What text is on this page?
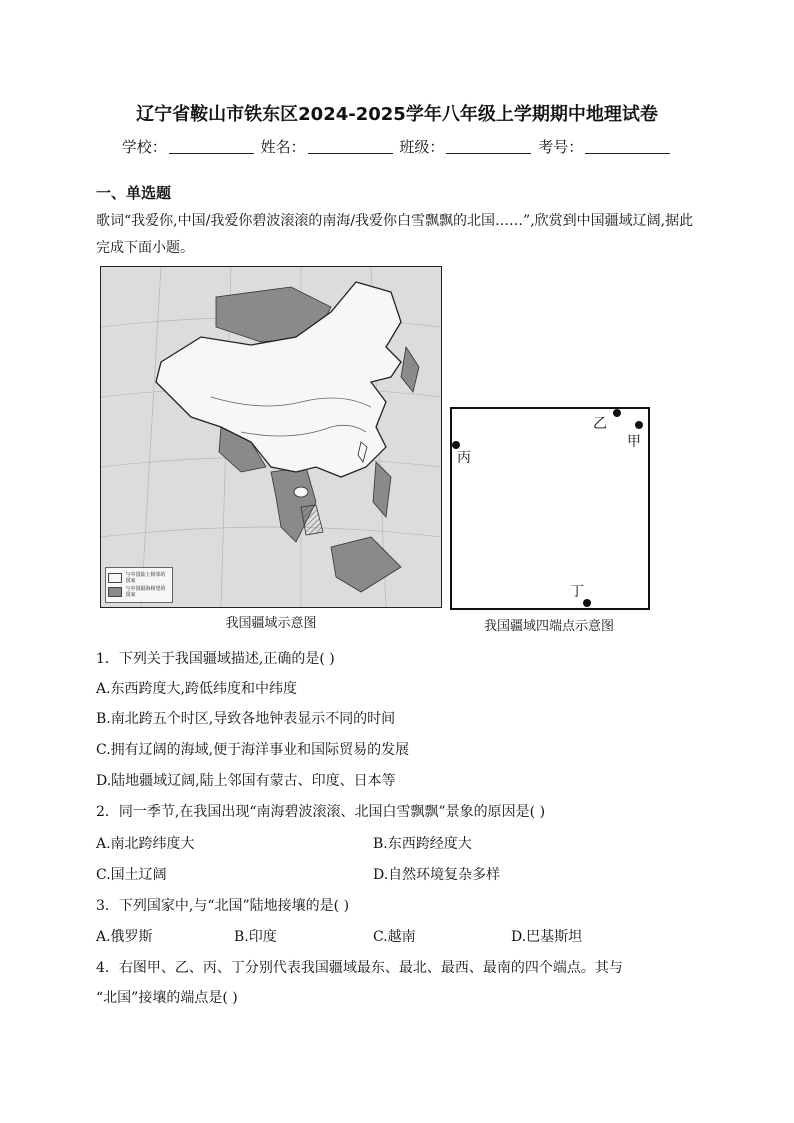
辽宁省鞍山市铁东区2024-2025学年八年级上学期期中地理试卷
学校：	姓名：	班级：	考号：
一、单选题
歌词“我爱你,中国/我爱你碧波滚滚的南海/我爱你白雪飘飘的北国……”,欣赏到中国疆域辽阔,据此完成下面小题。
与中国陆上相邻的国家
与中国隔海相望的国家
我国疆域示意图
乙
甲
丙
丁
我国疆域四端点示意图
1．下列关于我国疆域描述,正确的是( )
A.东西跨度大,跨低纬度和中纬度
B.南北跨五个时区,导致各地钟表显示不同的时间
C.拥有辽阔的海域,便于海洋事业和国际贸易的发展
D.陆地疆域辽阔,陆上邻国有蒙古、印度、日本等
2．同一季节,在我国出现“南海碧波滚滚、北国白雪飘飘”景象的原因是( )
A.南北跨纬度大	B.东西跨经度大
C.国土辽阔	D.自然环境复杂多样
3．下列国家中,与“北国”陆地接壤的是( )
A.俄罗斯	B.印度	C.越南	D.巴基斯坦
4．右图甲、乙、丙、丁分别代表我国疆域最东、最北、最西、最南的四个端点。其与
“北国”接壤的端点是( )
